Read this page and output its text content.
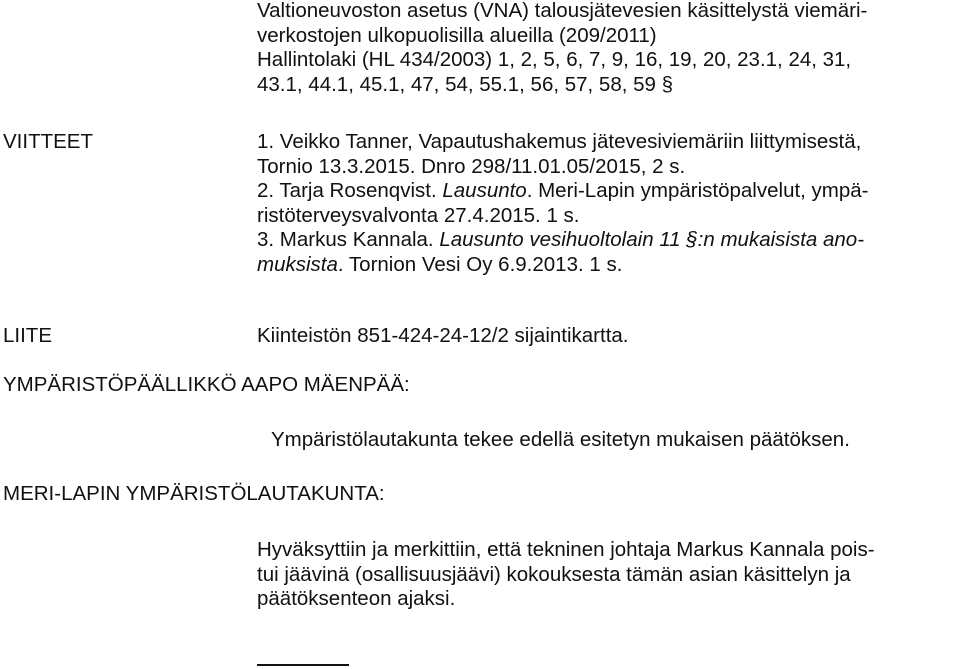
Valtioneuvoston asetus (VNA) talousjätevesien käsittelystä viemäri-
verkostojen ulkopuolisilla alueilla (209/2011)
Hallintolaki (HL 434/2003) 1, 2, 5, 6, 7, 9, 16, 19, 20, 23.1, 24, 31,
43.1, 44.1, 45.1, 47, 54, 55.1, 56, 57, 58, 59 §
VIITTEET	1. Veikko Tanner, Vapautushakemus jätevesiviemäriin liittymisestä,
Tornio 13.3.2015. Dnro 298/11.01.05/2015, 2 s.
2. Tarja Rosenqvist. Lausunto. Meri-Lapin ympäristöpalvelut, ympä-
ristöterveysvalvonta 27.4.2015. 1 s.
3. Markus Kannala. Lausunto vesihuoltolain 11 §:n mukaisista ano-
muksista. Tornion Vesi Oy 6.9.2013. 1 s.
LIITE	Kiinteistön 851-424-24-12/2 sijaintikartta.
YMPÄRISTÖPÄÄLLIKKÖ AAPO MÄENPÄÄ:
Ympäristölautakunta tekee edellä esitetyn mukaisen päätöksen.
MERI-LAPIN YMPÄRISTÖLAUTAKUNTA:
Hyväksyttiin ja merkittiin, että tekninen johtaja Markus Kannala pois-
tui jäävinä (osallisuusjäävi) kokouksesta tämän asian käsittelyn ja
päätöksenteon ajaksi.
